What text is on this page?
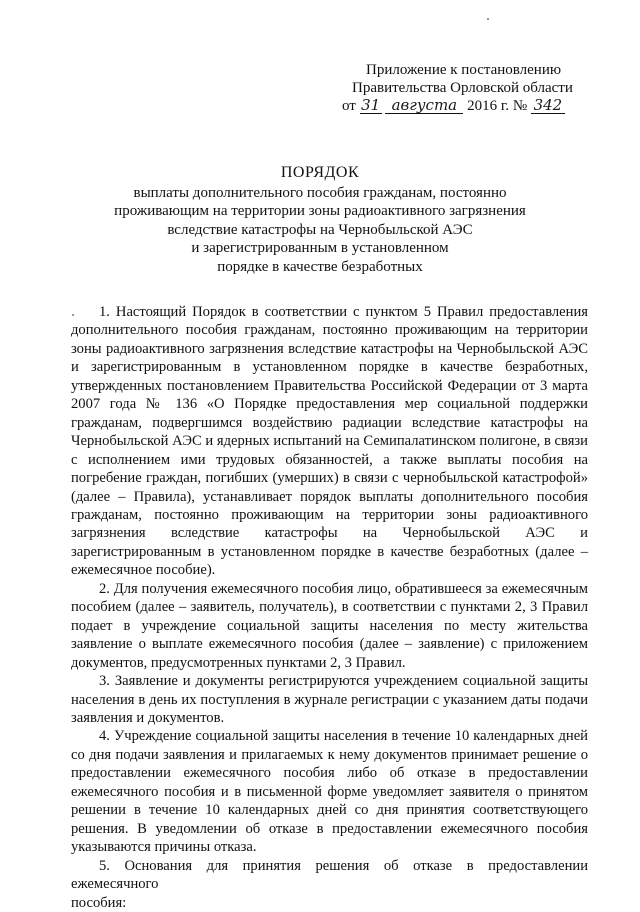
Приложение к постановлению
Правительства Орловской области
от 31 августа 2016 г. № 342
ПОРЯДОК
выплаты дополнительного пособия гражданам, постоянно
проживающим на территории зоны радиоактивного загрязнения
вследствие катастрофы на Чернобыльской АЭС
и зарегистрированным в установленном
порядке в качестве безработных

1. Настоящий Порядок в соответствии с пунктом 5 Правил предоставления дополнительного пособия гражданам, постоянно проживающим на территории зоны радиоактивного загрязнения вследствие катастрофы на Чернобыльской АЭС и зарегистрированным в установленном порядке в качестве безработных, утвержденных постановлением Правительства Российской Федерации от 3 марта 2007 года № 136 «О Порядке предоставления мер социальной поддержки гражданам, подвергшимся воздействию радиации вследствие катастрофы на Чернобыльской АЭС и ядерных испытаний на Семипалатинском полигоне, в связи с исполнением ими трудовых обязанностей, а также выплаты пособия на погребение граждан, погибших (умерших) в связи с чернобыльской катастрофой» (далее – Правила), устанавливает порядок выплаты дополнительного пособия гражданам, постоянно проживающим на территории зоны радиоактивного загрязнения вследствие катастрофы на Чернобыльской АЭС и зарегистрированным в установленном порядке в качестве безработных (далее – ежемесячное пособие).

2. Для получения ежемесячного пособия лицо, обратившееся за ежемесячным пособием (далее – заявитель, получатель), в соответствии с пунктами 2, 3 Правил подает в учреждение социальной защиты населения по месту жительства заявление о выплате ежемесячного пособия (далее – заявление) с приложением документов, предусмотренных пунктами 2, 3 Правил.

3. Заявление и документы регистрируются учреждением социальной защиты населения в день их поступления в журнале регистрации с указанием даты подачи заявления и документов.

4. Учреждение социальной защиты населения в течение 10 календарных дней со дня подачи заявления и прилагаемых к нему документов принимает решение о предоставлении ежемесячного пособия либо об отказе в предоставлении ежемесячного пособия и в письменной форме уведомляет заявителя о принятом решении в течение 10 календарных дней со дня принятия соответствующего решения. В уведомлении об отказе в предоставлении ежемесячного пособия указываются причины отказа.

5. Основания для принятия решения об отказе в предоставлении ежемесячного

пособия:
